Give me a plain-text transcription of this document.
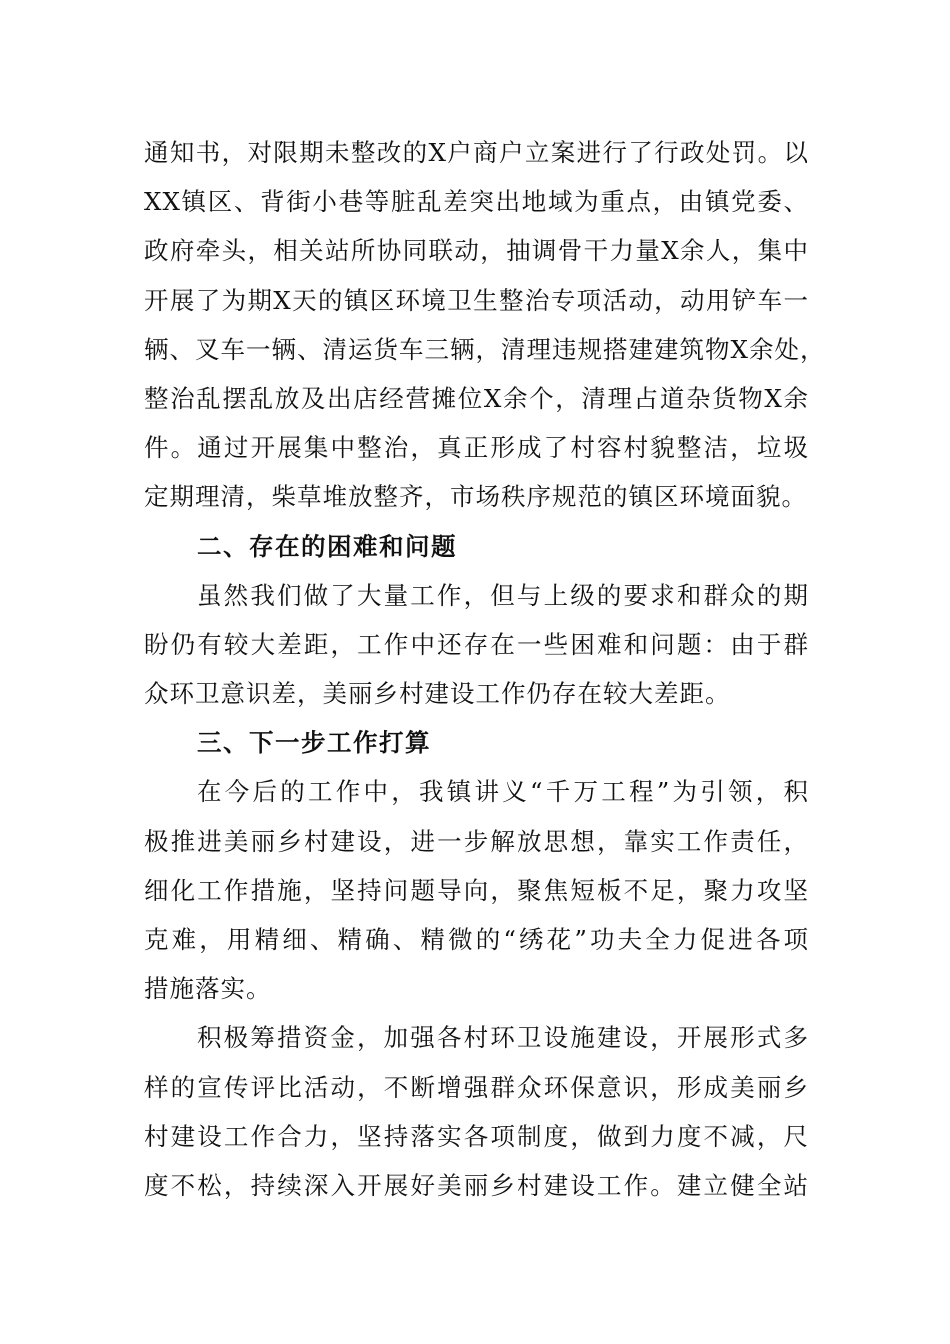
通知书，对限期未整改的X户商户立案进行了行政处罚。以
XX镇区、背街小巷等脏乱差突出地域为重点，由镇党委、
政府牵头，相关站所协同联动，抽调骨干力量X余人，集中
开展了为期X天的镇区环境卫生整治专项活动，动用铲车一
辆、叉车一辆、清运货车三辆，清理违规搭建建筑物X余处，
整治乱摆乱放及出店经营摊位X余个，清理占道杂货物X余
件。通过开展集中整治，真正形成了村容村貌整洁，垃圾
定期理清，柴草堆放整齐，市场秩序规范的镇区环境面貌。
二、存在的困难和问题
虽然我们做了大量工作，但与上级的要求和群众的期
盼仍有较大差距，工作中还存在一些困难和问题：由于群
众环卫意识差，美丽乡村建设工作仍存在较大差距。
三、下一步工作打算
在今后的工作中，我镇讲义“千万工程”为引领，积
极推进美丽乡村建设，进一步解放思想，靠实工作责任，
细化工作措施，坚持问题导向，聚焦短板不足，聚力攻坚
克难，用精细、精确、精微的“绣花”功夫全力促进各项
措施落实。
积极筹措资金，加强各村环卫设施建设，开展形式多
样的宣传评比活动，不断增强群众环保意识，形成美丽乡
村建设工作合力，坚持落实各项制度，做到力度不减，尺
度不松，持续深入开展好美丽乡村建设工作。建立健全站
